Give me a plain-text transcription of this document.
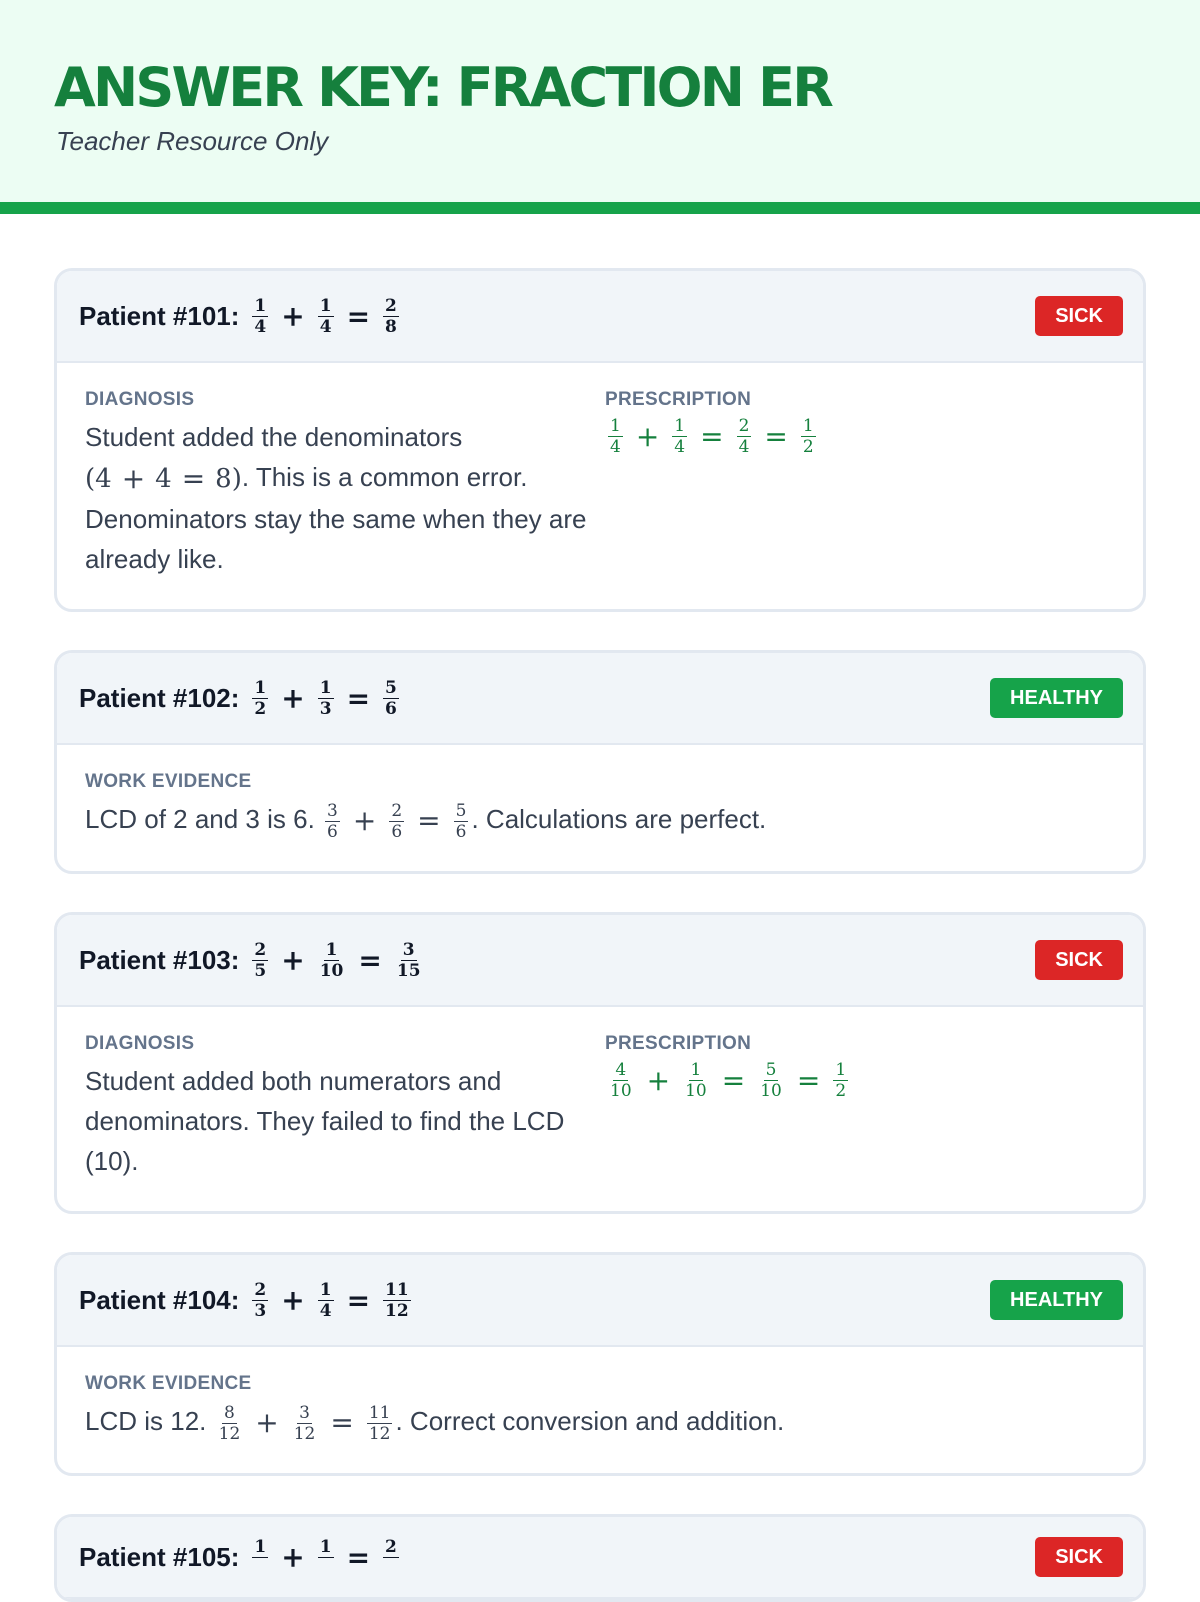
ANSWER KEY: FRACTION ER
Teacher Resource Only
Patient #101: $\frac{1}{4} + \frac{1}{4} = \frac{2}{8}$	SICK
DIAGNOSIS
Student added the denominators (4 + 4 = 8). This is a common error. Denominators stay the same when they are already like.
PRESCRIPTION
$\frac{1}{4} + \frac{1}{4} = \frac{2}{4} = \frac{1}{2}$
Patient #102: $\frac{1}{2} + \frac{1}{3} = \frac{5}{6}$	HEALTHY
WORK EVIDENCE
LCD of 2 and 3 is 6. $\frac{3}{6} + \frac{2}{6} = \frac{5}{6}$ . Calculations are perfect.
Patient #103: $\frac{2}{5} + \frac{1}{10} = \frac{3}{15}$	SICK
DIAGNOSIS
Student added both numerators and denominators. They failed to find the LCD (10).
PRESCRIPTION
$\frac{4}{10} + \frac{1}{10} = \frac{5}{10} = \frac{1}{2}$
Patient #104: $\frac{2}{3} + \frac{1}{4} = \frac{11}{12}$	HEALTHY
WORK EVIDENCE
LCD is 12. $\frac{8}{12} + \frac{3}{12} = \frac{11}{12}$ . Correct conversion and addition.
Patient #105: 1
+ 1
= 2
	SICK
